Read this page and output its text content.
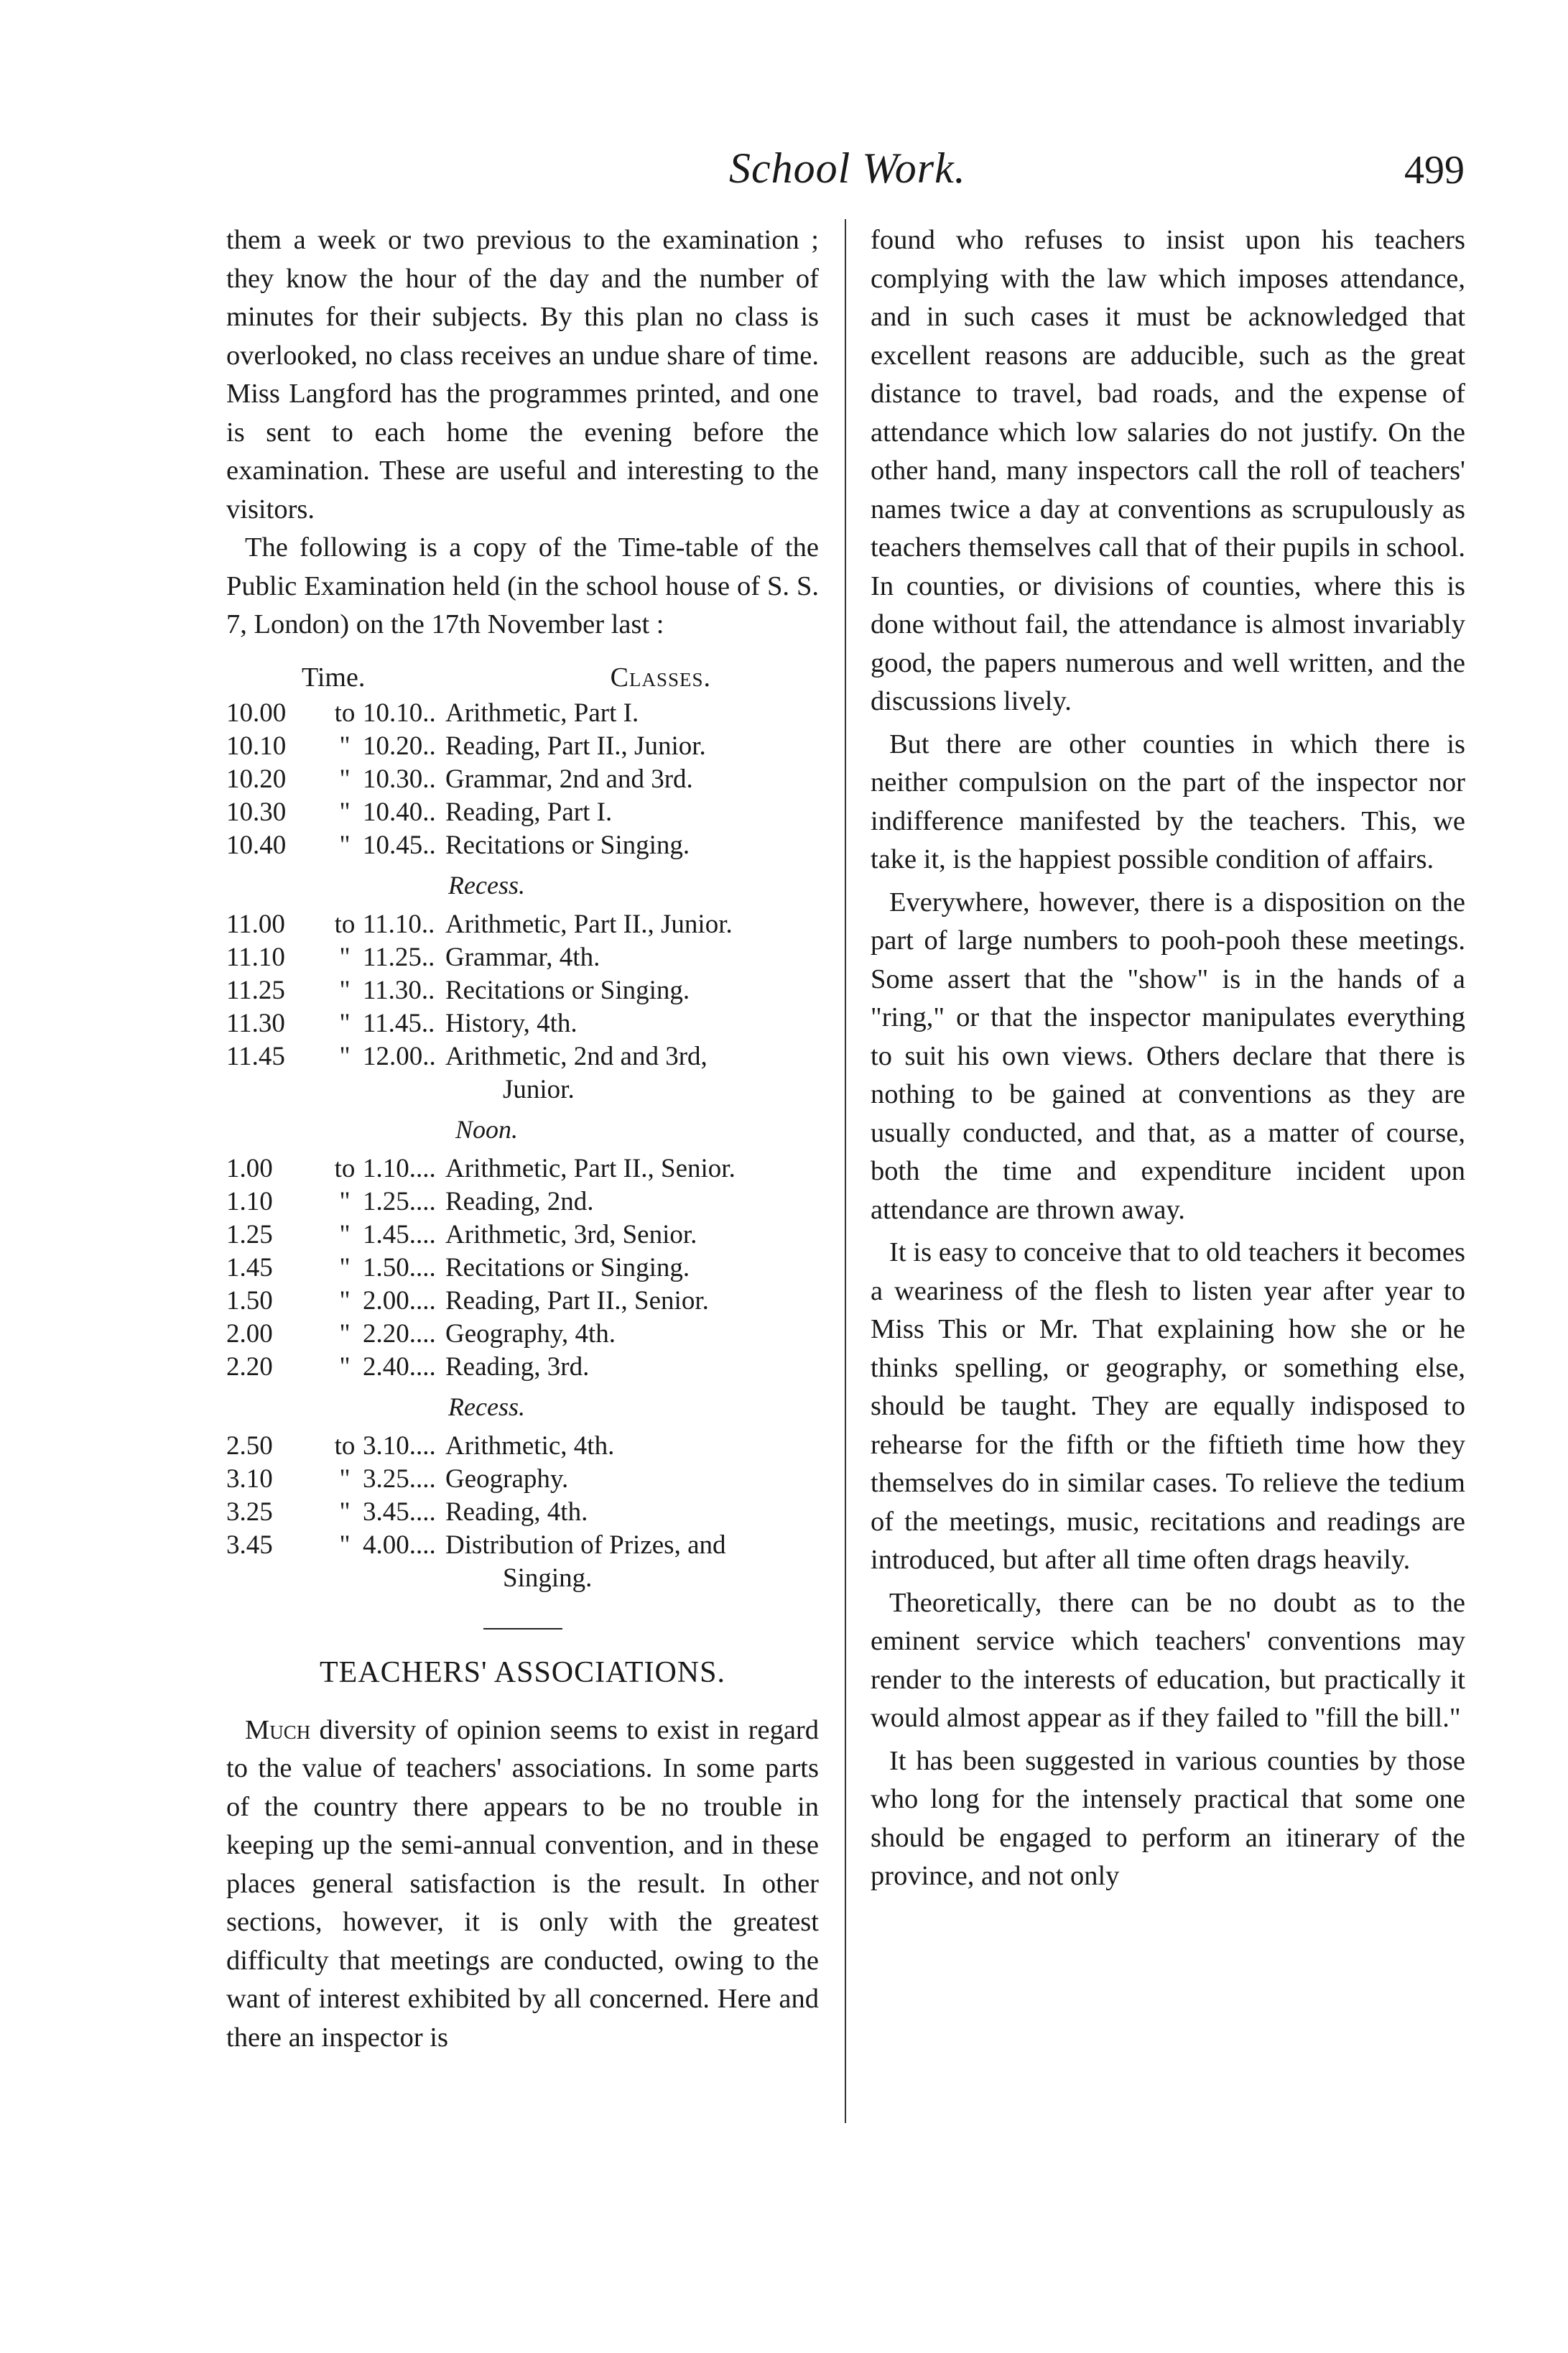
School Work.	499

them a week or two previous to the examination ; they know the hour of the day and the number of minutes for their subjects. By this plan no class is overlooked, no class receives an undue share of time. Miss Langford has the programmes printed, and one is sent to each home the evening before the examination. These are useful and interesting to the visitors.

The following is a copy of the Time-table of the Public Examination held (in the school house of S. S. 7, London) on the 17th November last :

Time.	Classes.
10.00	to 10.10.. Arithmetic, Part I.
10.10	" 10.20.. Reading, Part II., Junior.
10.20	" 10.30.. Grammar, 2nd and 3rd.
10.30	" 10.40.. Reading, Part I.
10.40	" 10.45.. Recitations or Singing.
Recess.
11.00	to 11.10.. Arithmetic, Part II., Junior.
11.10	" 11.25.. Grammar, 4th.
11.25	" 11.30.. Recitations or Singing.
11.30	" 11.45.. History, 4th.
11.45	" 12.00.. Arithmetic, 2nd and 3rd,
Junior.
Noon.
1.00	to 1.10.... Arithmetic, Part II., Senior.
1.10	" 1.25.... Reading, 2nd.
1.25	" 1.45.... Arithmetic, 3rd, Senior.
1.45	" 1.50.... Recitations or Singing.
1.50	" 2.00.... Reading, Part II., Senior.
2.00	" 2.20.... Geography, 4th.
2.20	" 2.40.... Reading, 3rd.
Recess.
2.50	to 3.10.... Arithmetic, 4th.
3.10	" 3.25.... Geography.
3.25	" 3.45.... Reading, 4th.
3.45	" 4.00.... Distribution of Prizes, and
Singing.
TEACHERS' ASSOCIATIONS.

Much diversity of opinion seems to exist in regard to the value of teachers' associations. In some parts of the country there appears to be no trouble in keeping up the semi-annual convention, and in these places general satisfaction is the result. In other sections, however, it is only with the greatest difficulty that meetings are conducted, owing to the want of interest exhibited by all concerned. Here and there an inspector is

found who refuses to insist upon his teachers complying with the law which imposes attendance, and in such cases it must be acknowledged that excellent reasons are adducible, such as the great distance to travel, bad roads, and the expense of attendance which low salaries do not justify. On the other hand, many inspectors call the roll of teachers' names twice a day at conventions as scrupulously as teachers themselves call that of their pupils in school. In counties, or divisions of counties, where this is done without fail, the attendance is almost invariably good, the papers numerous and well written, and the discussions lively.

But there are other counties in which there is neither compulsion on the part of the inspector nor indifference manifested by the teachers. This, we take it, is the happiest possible condition of affairs.

Everywhere, however, there is a disposition on the part of large numbers to pooh-pooh these meetings. Some assert that the "show" is in the hands of a "ring," or that the inspector manipulates everything to suit his own views. Others declare that there is nothing to be gained at conventions as they are usually conducted, and that, as a matter of course, both the time and expenditure incident upon attendance are thrown away.

It is easy to conceive that to old teachers it becomes a weariness of the flesh to listen year after year to Miss This or Mr. That explaining how she or he thinks spelling, or geography, or something else, should be taught. They are equally indisposed to rehearse for the fifth or the fiftieth time how they themselves do in similar cases. To relieve the tedium of the meetings, music, recitations and readings are introduced, but after all time often drags heavily.

Theoretically, there can be no doubt as to the eminent service which teachers' conventions may render to the interests of education, but practically it would almost appear as if they failed to "fill the bill."

It has been suggested in various counties by those who long for the intensely practical that some one should be engaged to perform an itinerary of the province, and not only
